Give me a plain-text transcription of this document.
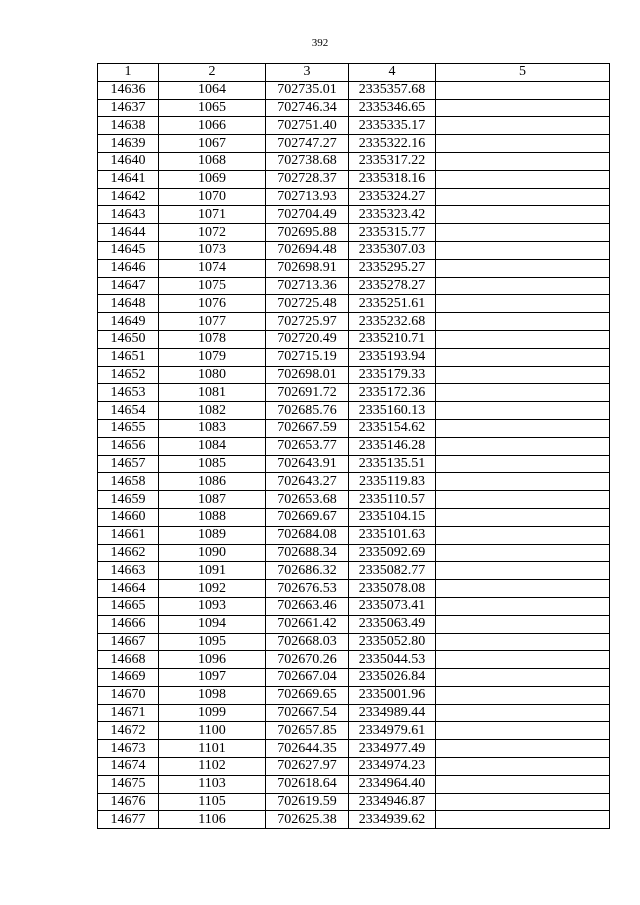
392
1	2	3	4	5
14636	1064	702735.01	2335357.68	
14637	1065	702746.34	2335346.65	
14638	1066	702751.40	2335335.17	
14639	1067	702747.27	2335322.16	
14640	1068	702738.68	2335317.22	
14641	1069	702728.37	2335318.16	
14642	1070	702713.93	2335324.27	
14643	1071	702704.49	2335323.42	
14644	1072	702695.88	2335315.77	
14645	1073	702694.48	2335307.03	
14646	1074	702698.91	2335295.27	
14647	1075	702713.36	2335278.27	
14648	1076	702725.48	2335251.61	
14649	1077	702725.97	2335232.68	
14650	1078	702720.49	2335210.71	
14651	1079	702715.19	2335193.94	
14652	1080	702698.01	2335179.33	
14653	1081	702691.72	2335172.36	
14654	1082	702685.76	2335160.13	
14655	1083	702667.59	2335154.62	
14656	1084	702653.77	2335146.28	
14657	1085	702643.91	2335135.51	
14658	1086	702643.27	2335119.83	
14659	1087	702653.68	2335110.57	
14660	1088	702669.67	2335104.15	
14661	1089	702684.08	2335101.63	
14662	1090	702688.34	2335092.69	
14663	1091	702686.32	2335082.77	
14664	1092	702676.53	2335078.08	
14665	1093	702663.46	2335073.41	
14666	1094	702661.42	2335063.49	
14667	1095	702668.03	2335052.80	
14668	1096	702670.26	2335044.53	
14669	1097	702667.04	2335026.84	
14670	1098	702669.65	2335001.96	
14671	1099	702667.54	2334989.44	
14672	1100	702657.85	2334979.61	
14673	1101	702644.35	2334977.49	
14674	1102	702627.97	2334974.23	
14675	1103	702618.64	2334964.40	
14676	1105	702619.59	2334946.87	
14677	1106	702625.38	2334939.62	
